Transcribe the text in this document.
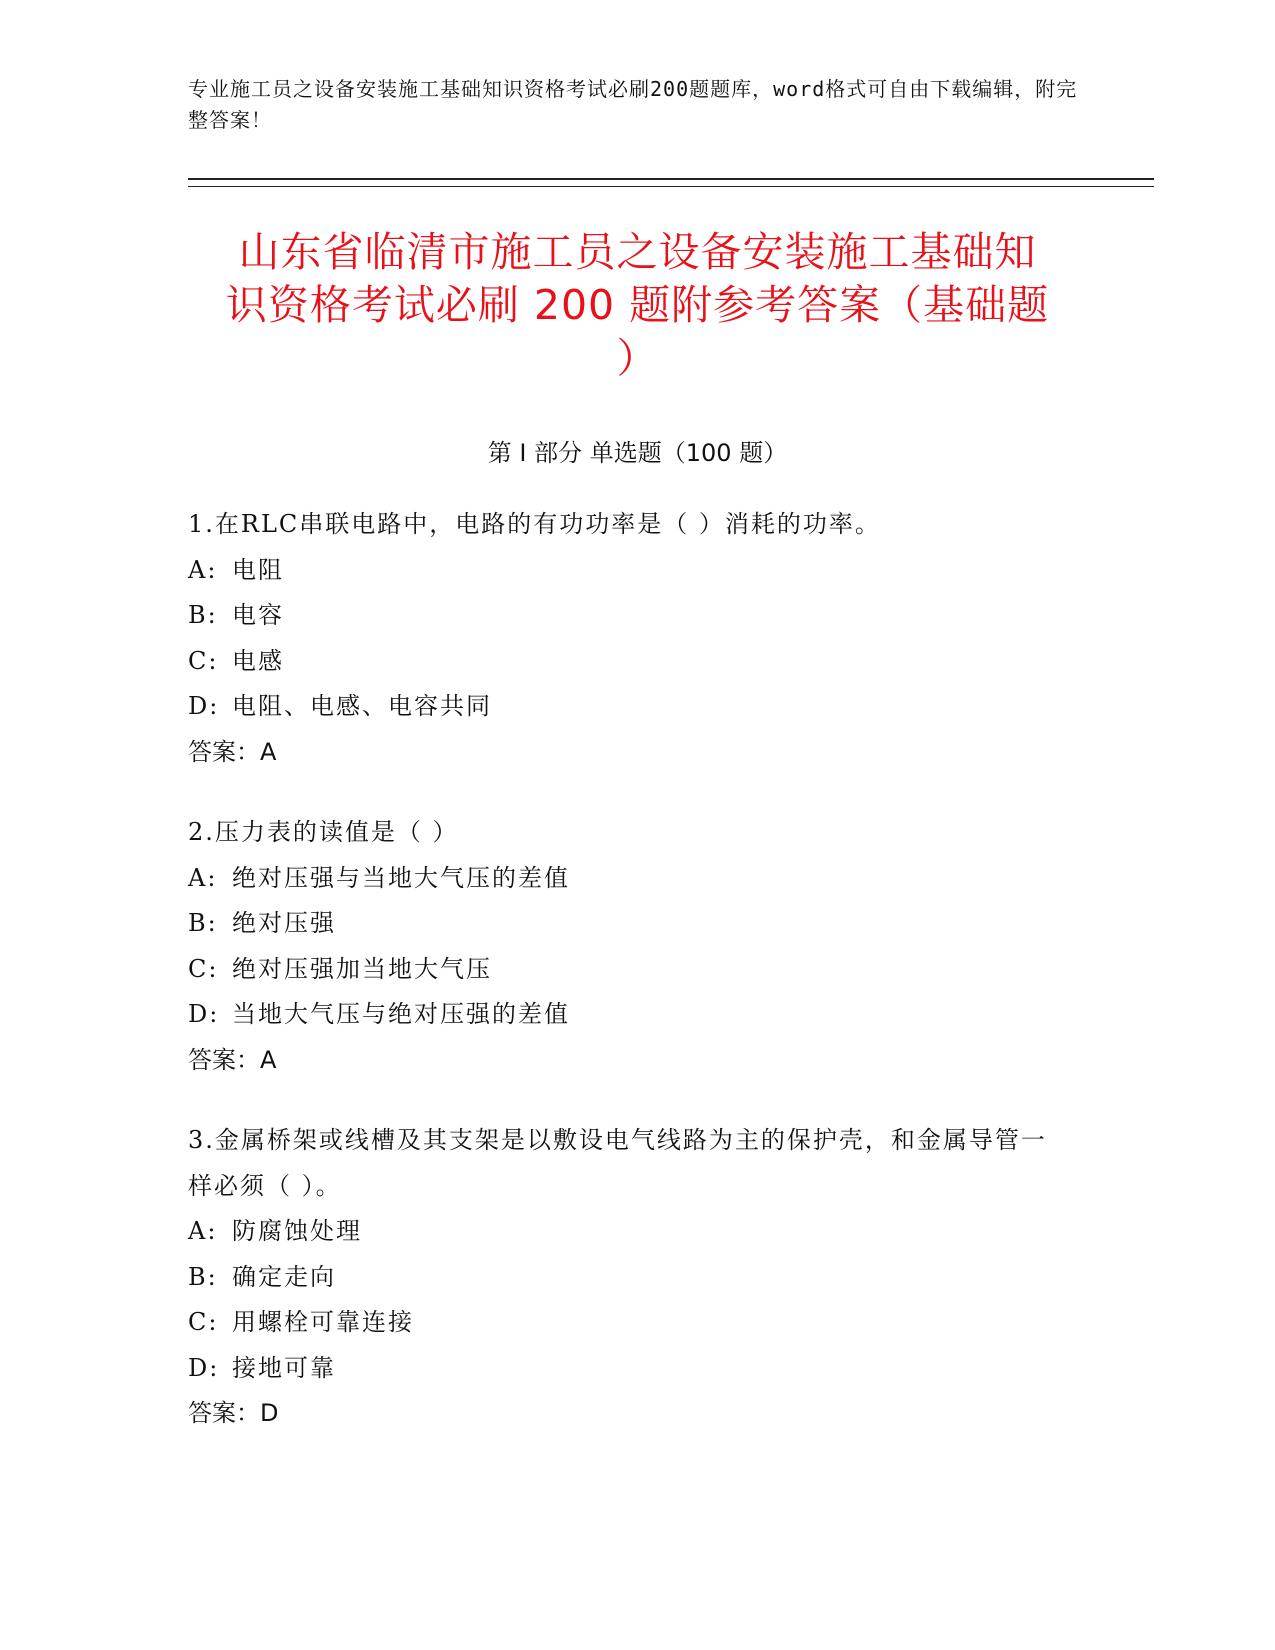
专业施工员之设备安装施工基础知识资格考试必刷200题题库，word格式可自由下载编辑，附完整答案！
山东省临清市施工员之设备安装施工基础知
识资格考试必刷 200 题附参考答案（基础题
）
第 I 部分 单选题（100 题）
1.在RLC串联电路中，电路的有功功率是（ ）消耗的功率。
A: 电阻
B: 电容
C: 电感
D: 电阻、电感、电容共同
答案：A
2.压力表的读值是（ ）
A: 绝对压强与当地大气压的差值
B: 绝对压强
C: 绝对压强加当地大气压
D: 当地大气压与绝对压强的差值
答案：A
3.金属桥架或线槽及其支架是以敷设电气线路为主的保护壳，和金属导管一样必须（ ）。
A: 防腐蚀处理
B: 确定走向
C: 用螺栓可靠连接
D: 接地可靠
答案：D
